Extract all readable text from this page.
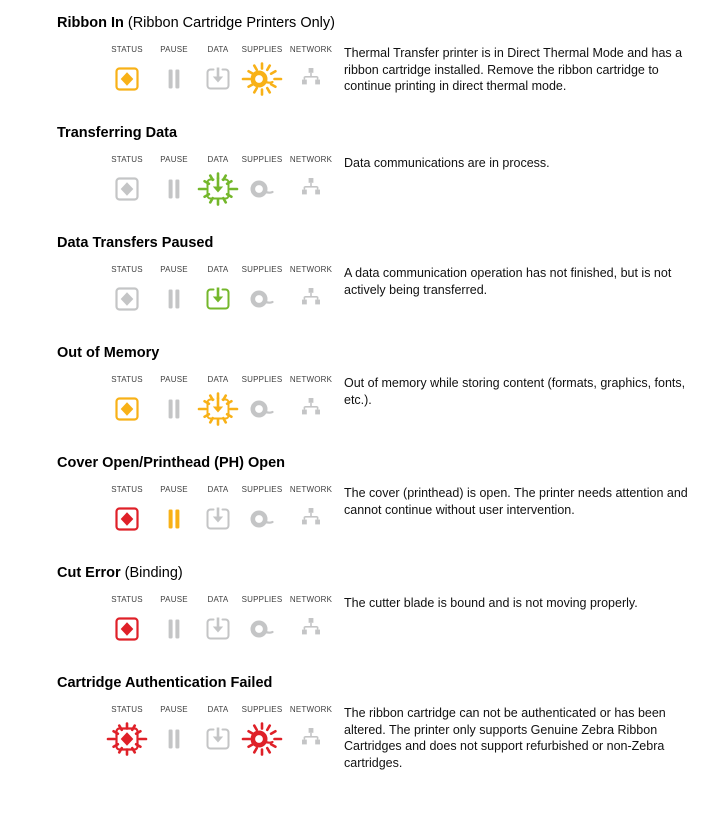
Ribbon In (Ribbon Cartridge Printers Only)
STATUS PAUSE DATA SUPPLIES NETWORK Thermal Transfer printer is in Direct Thermal Mode and has a ribbon cartridge installed. Remove the ribbon cartridge to continue printing in direct thermal mode.
Transferring Data
STATUS PAUSE DATA SUPPLIES NETWORK Data communications are in process.
Data Transfers Paused
STATUS PAUSE DATA SUPPLIES NETWORK A data communication operation has not finished, but is not actively being transferred.
Out of Memory
STATUS PAUSE DATA SUPPLIES NETWORK Out of memory while storing content (formats, graphics, fonts, etc.).
Cover Open/Printhead (PH) Open
STATUS PAUSE DATA SUPPLIES NETWORK The cover (printhead) is open. The printer needs attention and cannot continue without user intervention.
Cut Error (Binding)
STATUS PAUSE DATA SUPPLIES NETWORK The cutter blade is bound and is not moving properly.
Cartridge Authentication Failed
STATUS PAUSE DATA SUPPLIES NETWORK The ribbon cartridge can not be authenticated or has been altered. The printer only supports Genuine Zebra Ribbon Cartridges and does not support refurbished or non-Zebra cartridges.
